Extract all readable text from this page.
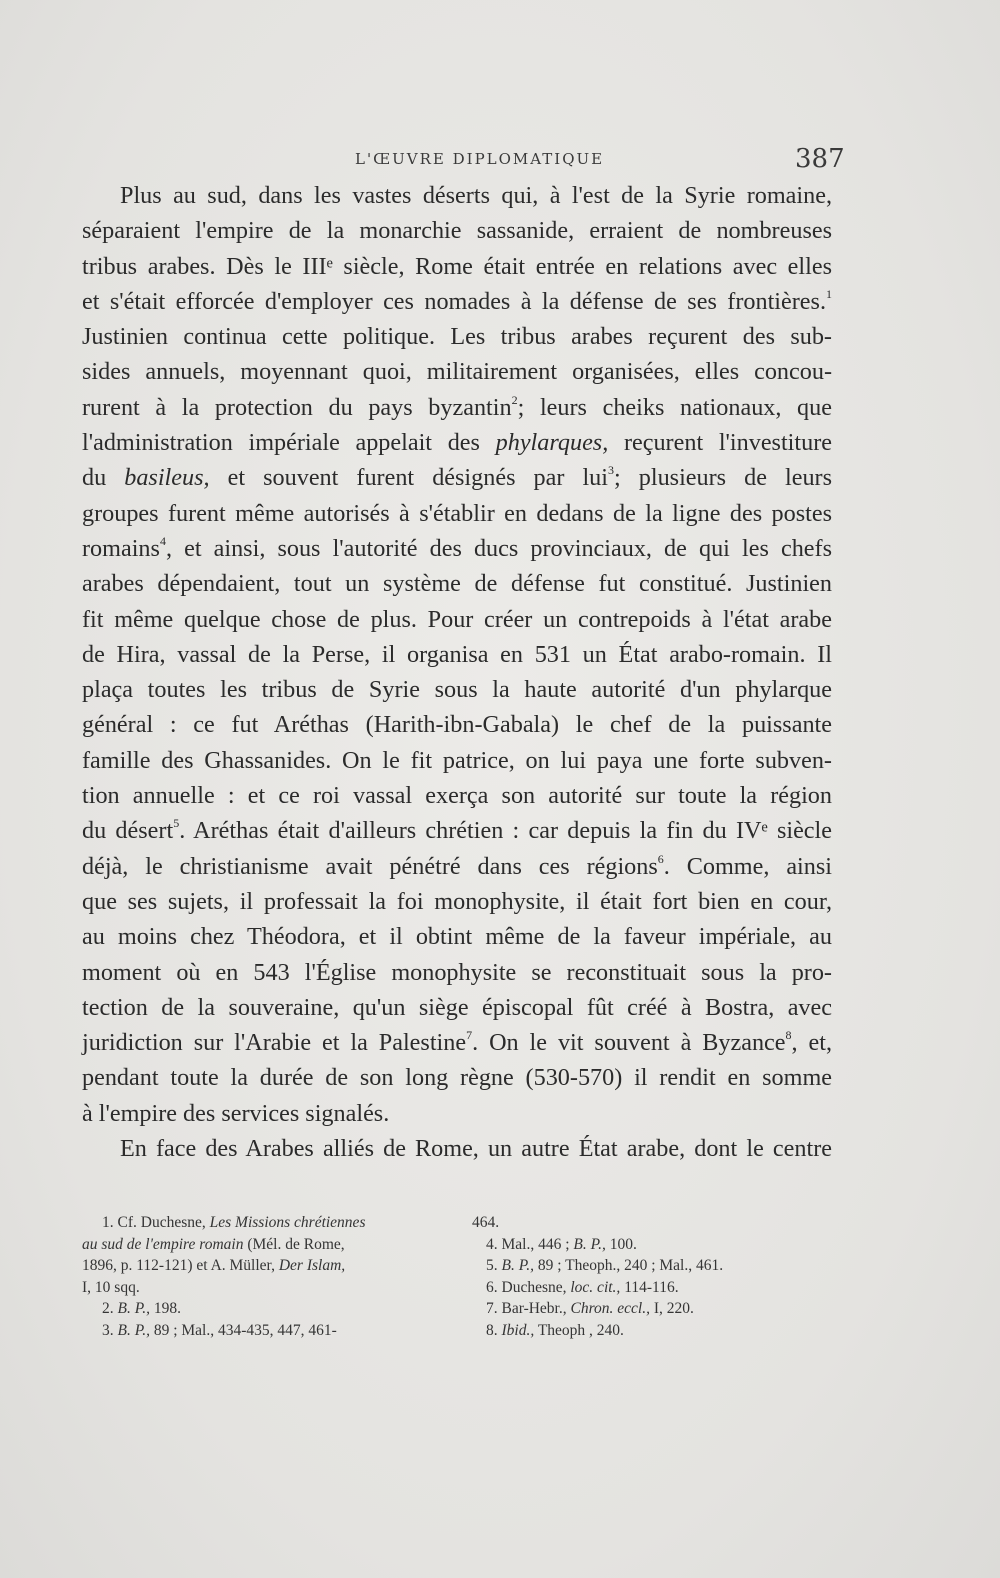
L'ŒUVRE DIPLOMATIQUE	387
Plus au sud, dans les vastes déserts qui, à l'est de la Syrie romaine,
séparaient l'empire de la monarchie sassanide, erraient de nombreuses
tribus arabes. Dès le IIIᵉ siècle, Rome était entrée en relations avec elles
et s'était efforcée d'employer ces nomades à la défense de ses frontières.$^1$
Justinien continua cette politique. Les tribus arabes reçurent des sub-
sides annuels, moyennant quoi, militairement organisées, elles concou-
rurent à la protection du pays byzantin$^2$; leurs cheiks nationaux, que
l'administration impériale appelait des phylarques, reçurent l'investiture
du basileus, et souvent furent désignés par lui$^3$; plusieurs de leurs
groupes furent même autorisés à s'établir en dedans de la ligne des postes
romains$^4$, et ainsi, sous l'autorité des ducs provinciaux, de qui les chefs
arabes dépendaient, tout un système de défense fut constitué. Justinien
fit même quelque chose de plus. Pour créer un contrepoids à l'état arabe
de Hira, vassal de la Perse, il organisa en 531 un État arabo-romain. Il
plaça toutes les tribus de Syrie sous la haute autorité d'un phylarque
général : ce fut Aréthas (Harith-ibn-Gabala) le chef de la puissante
famille des Ghassanides. On le fit patrice, on lui paya une forte subven-
tion annuelle : et ce roi vassal exerça son autorité sur toute la région
du désert$^5$. Aréthas était d'ailleurs chrétien : car depuis la fin du IVᵉ siècle
déjà, le christianisme avait pénétré dans ces régions$^6$. Comme, ainsi
que ses sujets, il professait la foi monophysite, il était fort bien en cour,
au moins chez Théodora, et il obtint même de la faveur impériale, au
moment où en 543 l'Église monophysite se reconstituait sous la pro-
tection de la souveraine, qu'un siège épiscopal fût créé à Bostra, avec
juridiction sur l'Arabie et la Palestine$^7$. On le vit souvent à Byzance$^8$, et,
pendant toute la durée de son long règne (530-570) il rendit en somme
à l'empire des services signalés.
En face des Arabes alliés de Rome, un autre État arabe, dont le centre
1. Cf. Duchesne, Les Missions chrétiennes
au sud de l'empire romain (Mél. de Rome,
1896, p. 112-121) et A. Müller, Der Islam,
I, 10 sqq.
2. B. P., 198.
3. B. P., 89 ; Mal., 434-435, 447, 461-
464.
4. Mal., 446 ; B. P., 100.
5. B. P., 89 ; Theoph., 240 ; Mal., 461.
6. Duchesne, loc. cit., 114-116.
7. Bar-Hebr., Chron. eccl., I, 220.
8. Ibid., Theoph , 240.
